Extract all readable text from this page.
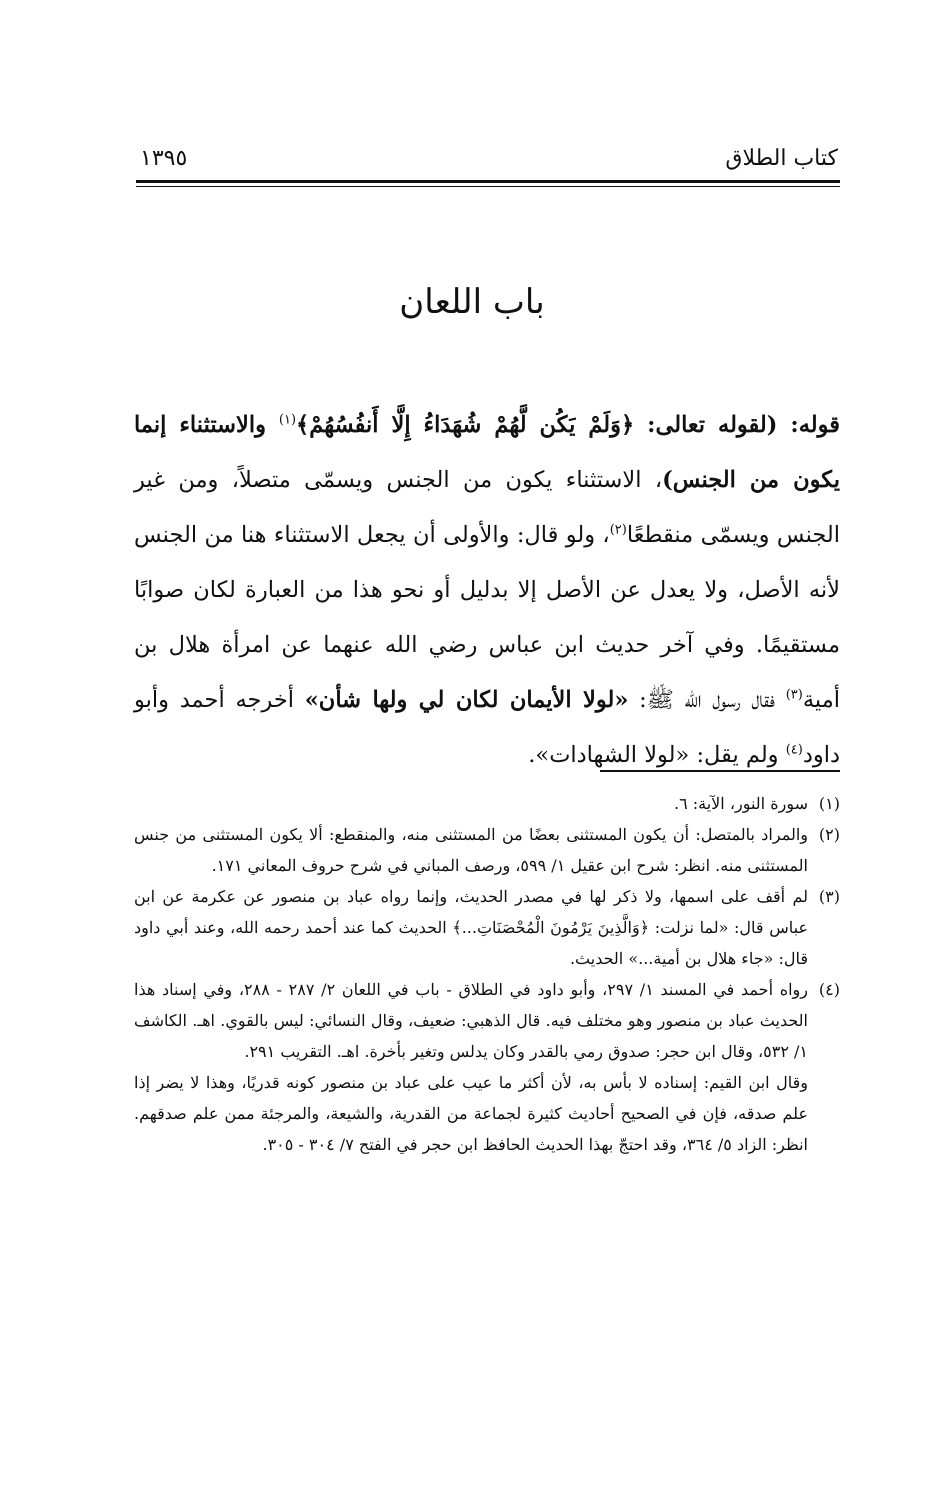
كتاب الطلاق
١٣٩٥
باب اللعان
قوله: (لقوله تعالى: ﴿وَلَمْ يَكُن لَّهُمْ شُهَدَاءُ إِلَّا أَنفُسُهُمْ﴾$^{(١)}$ والاستثناء إنما يكون من الجنس)، الاستثناء يكون من الجنس ويسمّى متصلاً، ومن غير الجنس ويسمّى منقطعًا$^{(٢)}$، ولو قال: والأولى أن يجعل الاستثناء هنا من الجنس لأنه الأصل، ولا يعدل عن الأصل إلا بدليل أو نحو هذا من العبارة لكان صوابًا مستقيمًا. وفي آخر حديث ابن عباس رضي الله عنهما عن امرأة هلال بن أمية$^{(٣)}$ فقال رسول الله ﷺ: «لولا الأيمان لكان لي ولها شأن» أخرجه أحمد وأبو داود$^{(٤)}$ ولم يقل: «لولا الشهادات».
(١)

سورة النور، الآية: ٦.

(٢)

والمراد بالمتصل: أن يكون المستثنى بعضًا من المستثنى منه، والمنقطع: ألا يكون المستثنى من جنس المستثنى منه. انظر: شرح ابن عقيل ١/ ٥٩٩، ورصف المباني في شرح حروف المعاني ١٧١.

(٣)

لم أقف على اسمها، ولا ذكر لها في مصدر الحديث، وإنما رواه عباد بن منصور عن عكرمة عن ابن عباس قال: «لما نزلت: ﴿وَالَّذِينَ يَرْمُونَ الْمُحْصَنَاتِ...﴾ الحديث كما عند أحمد رحمه الله، وعند أبي داود قال: «جاء هلال بن أمية...» الحديث.

(٤)

رواه أحمد في المسند ١/ ٢٩٧، وأبو داود في الطلاق - باب في اللعان ٢/ ٢٨٧ - ٢٨٨، وفي إسناد هذا الحديث عباد بن منصور وهو مختلف فيه. قال الذهبي: ضعيف، وقال النسائي: ليس بالقوي. اهـ. الكاشف ١/ ٥٣٢، وقال ابن حجر: صدوق رمي بالقدر وكان يدلس وتغير بأخرة. اهـ. التقريب ٢٩١.

وقال ابن القيم: إسناده لا بأس به، لأن أكثر ما عيب على عباد بن منصور كونه قدريًا، وهذا لا يضر إذا علم صدقه، فإن في الصحيح أحاديث كثيرة لجماعة من القدرية، والشيعة، والمرجئة ممن علم صدقهم. انظر: الزاد ٥/ ٣٦٤، وقد احتجّ بهذا الحديث الحافظ ابن حجر في الفتح ٧/ ٣٠٤ - ٣٠٥.
